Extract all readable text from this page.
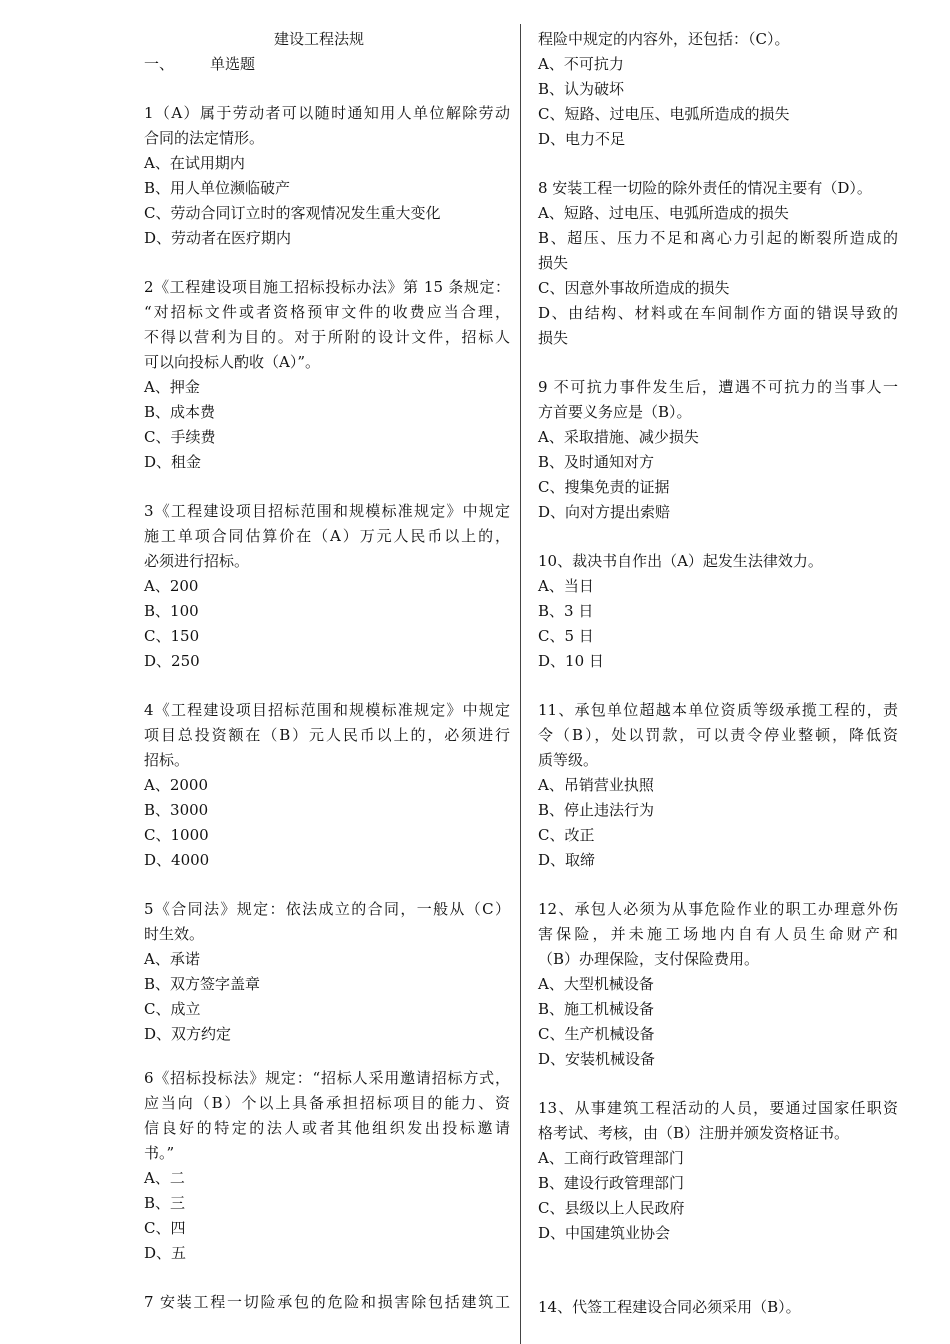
建设工程法规
一、 单选题
1（A）属于劳动者可以随时通知用人单位解除劳动
合同的法定情形。
A、在试用期内
B、用人单位濒临破产
C、劳动合同订立时的客观情况发生重大变化
D、劳动者在医疗期内
2《工程建设项目施工招标投标办法》第 15 条规定：
“对招标文件或者资格预审文件的收费应当合理，
不得以营利为目的。对于所附的设计文件，招标人
可以向投标人酌收（A）”。
A、押金
B、成本费
C、手续费
D、租金
3《工程建设项目招标范围和规模标准规定》中规定
施工单项合同估算价在（A）万元人民币以上的，
必须进行招标。
A、200
B、100
C、150
D、250
4《工程建设项目招标范围和规模标准规定》中规定
项目总投资额在（B）元人民币以上的，必须进行
招标。
A、2000
B、3000
C、1000
D、4000
5《合同法》规定：依法成立的合同，一般从（C）
时生效。
A、承诺
B、双方签字盖章
C、成立
D、双方约定
6《招标投标法》规定：“招标人采用邀请招标方式，
应当向（B）个以上具备承担招标项目的能力、资
信良好的特定的法人或者其他组织发出投标邀请
书。”
A、二
B、三
C、四
D、五
7 安装工程一切险承包的危险和损害除包括建筑工
程险中规定的内容外，还包括：（C）。
A、不可抗力
B、认为破坏
C、短路、过电压、电弧所造成的损失
D、电力不足
8 安装工程一切险的除外责任的情况主要有（D）。
A、短路、过电压、电弧所造成的损失
B、超压、压力不足和离心力引起的断裂所造成的
损失
C、因意外事故所造成的损失
D、由结构、材料或在车间制作方面的错误导致的
损失
9 不可抗力事件发生后，遭遇不可抗力的当事人一
方首要义务应是（B）。
A、采取措施、减少损失
B、及时通知对方
C、搜集免责的证据
D、向对方提出索赔
10、裁决书自作出（A）起发生法律效力。
A、当日
B、3 日
C、5 日
D、10 日
11、承包单位超越本单位资质等级承揽工程的，责
令（B），处以罚款，可以责令停业整顿，降低资
质等级。
A、吊销营业执照
B、停止违法行为
C、改正
D、取缔
12、承包人必须为从事危险作业的职工办理意外伤
害保险，并未施工场地内自有人员生命财产和
（B）办理保险，支付保险费用。
A、大型机械设备
B、施工机械设备
C、生产机械设备
D、安装机械设备
13、从事建筑工程活动的人员，要通过国家任职资
格考试、考核，由（B）注册并颁发资格证书。
A、工商行政管理部门
B、建设行政管理部门
C、县级以上人民政府
D、中国建筑业协会
14、代签工程建设合同必须采用（B）。
